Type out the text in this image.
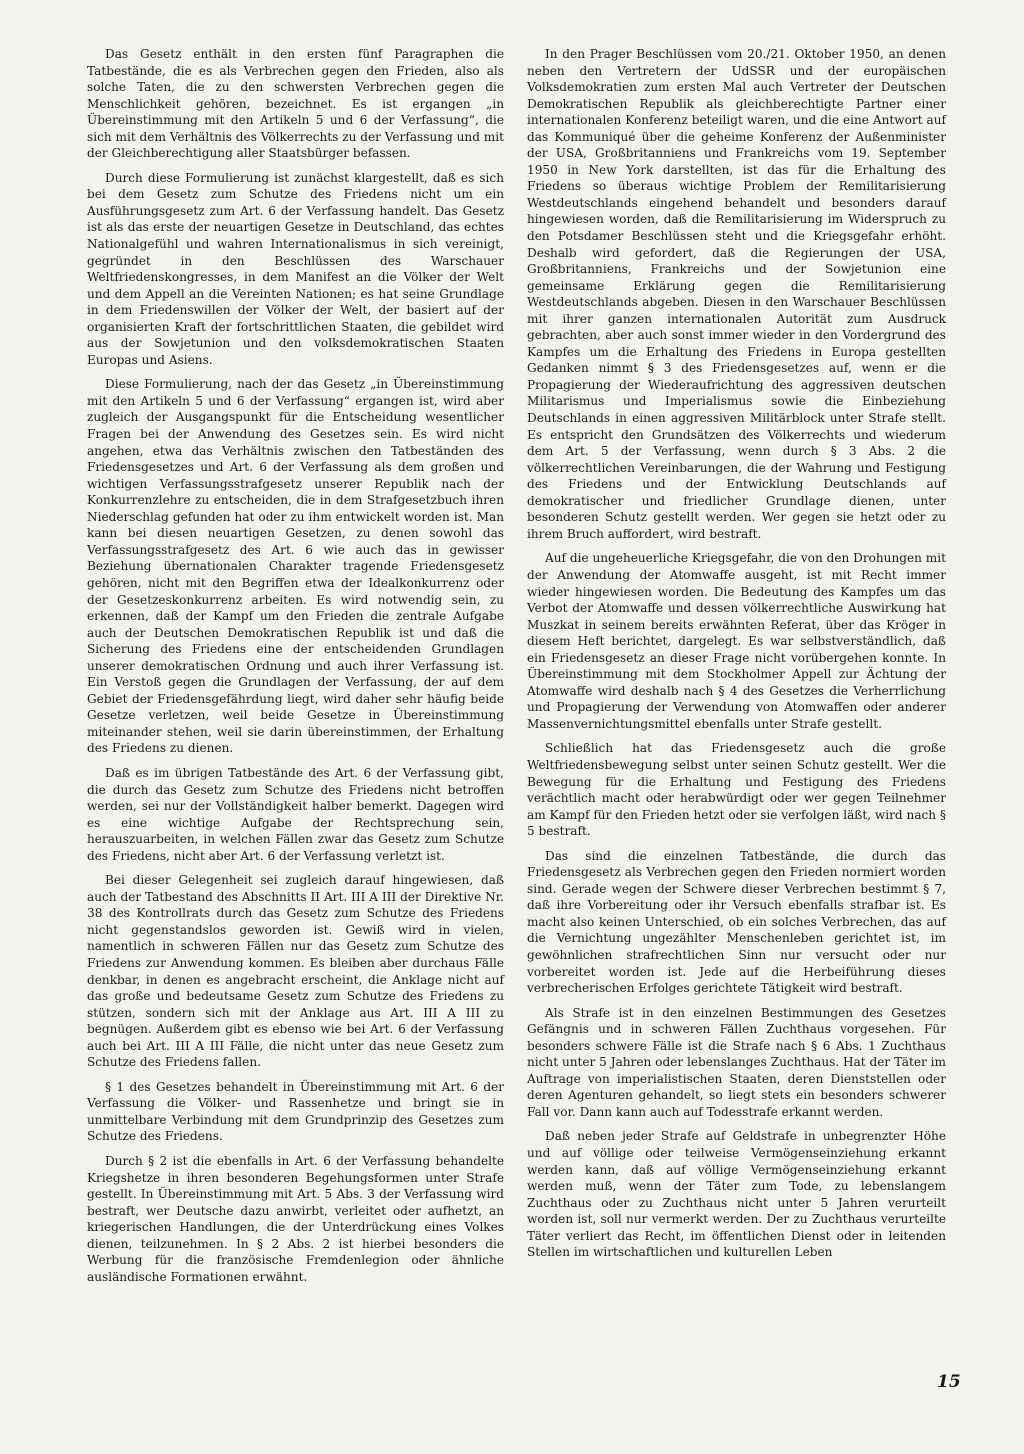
Das Gesetz enthält in den ersten fünf Paragraphen die Tatbestände, die es als Verbrechen gegen den Frieden, also als solche Taten, die zu den schwersten Verbrechen gegen die Menschlichkeit gehören, bezeichnet. Es ist ergangen „in Übereinstimmung mit den Artikeln 5 und 6 der Verfassung“, die sich mit dem Verhältnis des Völkerrechts zu der Verfassung und mit der Gleichberechtigung aller Staatsbürger befassen.

Durch diese Formulierung ist zunächst klargestellt, daß es sich bei dem Gesetz zum Schutze des Friedens nicht um ein Ausführungsgesetz zum Art. 6 der Verfassung handelt. Das Gesetz ist als das erste der neuartigen Gesetze in Deutschland, das echtes Nationalgefühl und wahren Internationalismus in sich vereinigt, gegründet in den Beschlüssen des Warschauer Weltfriedenskongresses, in dem Manifest an die Völker der Welt und dem Appell an die Vereinten Nationen; es hat seine Grundlage in dem Friedenswillen der Völker der Welt, der basiert auf der organisierten Kraft der fortschrittlichen Staaten, die gebildet wird aus der Sowjetunion und den volksdemokratischen Staaten Europas und Asiens.

Diese Formulierung, nach der das Gesetz „in Übereinstimmung mit den Artikeln 5 und 6 der Verfassung“ ergangen ist, wird aber zugleich der Ausgangspunkt für die Entscheidung wesentlicher Fragen bei der Anwendung des Gesetzes sein. Es wird nicht angehen, etwa das Verhältnis zwischen den Tatbeständen des Friedensgesetzes und Art. 6 der Verfassung als dem großen und wichtigen Verfassungsstrafgesetz unserer Republik nach der Konkurrenzlehre zu entscheiden, die in dem Strafgesetzbuch ihren Niederschlag gefunden hat oder zu ihm entwickelt worden ist. Man kann bei diesen neuartigen Gesetzen, zu denen sowohl das Verfassungsstrafgesetz des Art. 6 wie auch das in gewisser Beziehung übernationalen Charakter tragende Friedensgesetz gehören, nicht mit den Begriffen etwa der Idealkonkurrenz oder der Gesetzeskonkurrenz arbeiten. Es wird notwendig sein, zu erkennen, daß der Kampf um den Frieden die zentrale Aufgabe auch der Deutschen Demokratischen Republik ist und daß die Sicherung des Friedens eine der entscheidenden Grundlagen unserer demokratischen Ordnung und auch ihrer Verfassung ist. Ein Verstoß gegen die Grundlagen der Verfassung, der auf dem Gebiet der Friedensgefährdung liegt, wird daher sehr häufig beide Gesetze verletzen, weil beide Gesetze in Übereinstimmung miteinander stehen, weil sie darin übereinstimmen, der Erhaltung des Friedens zu dienen.

Daß es im übrigen Tatbestände des Art. 6 der Verfassung gibt, die durch das Gesetz zum Schutze des Friedens nicht betroffen werden, sei nur der Vollständigkeit halber bemerkt. Dagegen wird es eine wichtige Aufgabe der Rechtsprechung sein, herauszuarbeiten, in welchen Fällen zwar das Gesetz zum Schutze des Friedens, nicht aber Art. 6 der Verfassung verletzt ist.

Bei dieser Gelegenheit sei zugleich darauf hingewiesen, daß auch der Tatbestand des Abschnitts II Art. III A III der Direktive Nr. 38 des Kontrollrats durch das Gesetz zum Schutze des Friedens nicht gegenstandslos geworden ist. Gewiß wird in vielen, namentlich in schweren Fällen nur das Gesetz zum Schutze des Friedens zur Anwendung kommen. Es bleiben aber durchaus Fälle denkbar, in denen es angebracht erscheint, die Anklage nicht auf das große und bedeutsame Gesetz zum Schutze des Friedens zu stützen, sondern sich mit der Anklage aus Art. III A III zu begnügen. Außerdem gibt es ebenso wie bei Art. 6 der Verfassung auch bei Art. III A III Fälle, die nicht unter das neue Gesetz zum Schutze des Friedens fallen.

§ 1 des Gesetzes behandelt in Übereinstimmung mit Art. 6 der Verfassung die Völker- und Rassenhetze und bringt sie in unmittelbare Verbindung mit dem Grundprinzip des Gesetzes zum Schutze des Friedens.

Durch § 2 ist die ebenfalls in Art. 6 der Verfassung behandelte Kriegshetze in ihren besonderen Begehungsformen unter Strafe gestellt. In Übereinstimmung mit Art. 5 Abs. 3 der Verfassung wird bestraft, wer Deutsche dazu anwirbt, verleitet oder aufhetzt, an kriegerischen Handlungen, die der Unterdrückung eines Volkes dienen, teilzunehmen. In § 2 Abs. 2 ist hierbei besonders die Werbung für die französische Fremdenlegion oder ähnliche ausländische Formationen erwähnt.

In den Prager Beschlüssen vom 20./21. Oktober 1950, an denen neben den Vertretern der UdSSR und der europäischen Volksdemokratien zum ersten Mal auch Vertreter der Deutschen Demokratischen Republik als gleichberechtigte Partner einer internationalen Konferenz beteiligt waren, und die eine Antwort auf das Kommuniqué über die geheime Konferenz der Außenminister der USA, Großbritanniens und Frankreichs vom 19. September 1950 in New York darstellten, ist das für die Erhaltung des Friedens so überaus wichtige Problem der Remilitarisierung Westdeutschlands eingehend behandelt und besonders darauf hingewiesen worden, daß die Remilitarisierung im Widerspruch zu den Potsdamer Beschlüssen steht und die Kriegsgefahr erhöht. Deshalb wird gefordert, daß die Regierungen der USA, Großbritanniens, Frankreichs und der Sowjetunion eine gemeinsame Erklärung gegen die Remilitarisierung Westdeutschlands abgeben. Diesen in den Warschauer Beschlüssen mit ihrer ganzen internationalen Autorität zum Ausdruck gebrachten, aber auch sonst immer wieder in den Vordergrund des Kampfes um die Erhaltung des Friedens in Europa gestellten Gedanken nimmt § 3 des Friedensgesetzes auf, wenn er die Propagierung der Wiederaufrichtung des aggressiven deutschen Militarismus und Imperialismus sowie die Einbeziehung Deutschlands in einen aggressiven Militärblock unter Strafe stellt. Es entspricht den Grundsätzen des Völkerrechts und wiederum dem Art. 5 der Verfassung, wenn durch § 3 Abs. 2 die völkerrechtlichen Vereinbarungen, die der Wahrung und Festigung des Friedens und der Entwicklung Deutschlands auf demokratischer und friedlicher Grundlage dienen, unter besonderen Schutz gestellt werden. Wer gegen sie hetzt oder zu ihrem Bruch auffordert, wird bestraft.

Auf die ungeheuerliche Kriegsgefahr, die von den Drohungen mit der Anwendung der Atomwaffe ausgeht, ist mit Recht immer wieder hingewiesen worden. Die Bedeutung des Kampfes um das Verbot der Atomwaffe und dessen völkerrechtliche Auswirkung hat Muszkat in seinem bereits erwähnten Referat, über das Kröger in diesem Heft berichtet, dargelegt. Es war selbstverständlich, daß ein Friedensgesetz an dieser Frage nicht vorübergehen konnte. In Übereinstimmung mit dem Stockholmer Appell zur Ächtung der Atomwaffe wird deshalb nach § 4 des Gesetzes die Verherrlichung und Propagierung der Verwendung von Atomwaffen oder anderer Massenvernichtungsmittel ebenfalls unter Strafe gestellt.

Schließlich hat das Friedensgesetz auch die große Weltfriedensbewegung selbst unter seinen Schutz gestellt. Wer die Bewegung für die Erhaltung und Festigung des Friedens verächtlich macht oder herabwürdigt oder wer gegen Teilnehmer am Kampf für den Frieden hetzt oder sie verfolgen läßt, wird nach § 5 bestraft.

Das sind die einzelnen Tatbestände, die durch das Friedensgesetz als Verbrechen gegen den Frieden normiert worden sind. Gerade wegen der Schwere dieser Verbrechen bestimmt § 7, daß ihre Vorbereitung oder ihr Versuch ebenfalls strafbar ist. Es macht also keinen Unterschied, ob ein solches Verbrechen, das auf die Vernichtung ungezählter Menschenleben gerichtet ist, im gewöhnlichen strafrechtlichen Sinn nur versucht oder nur vorbereitet worden ist. Jede auf die Herbeiführung dieses verbrecherischen Erfolges gerichtete Tätigkeit wird bestraft.

Als Strafe ist in den einzelnen Bestimmungen des Gesetzes Gefängnis und in schweren Fällen Zuchthaus vorgesehen. Für besonders schwere Fälle ist die Strafe nach § 6 Abs. 1 Zuchthaus nicht unter 5 Jahren oder lebenslanges Zuchthaus. Hat der Täter im Auftrage von imperialistischen Staaten, deren Dienststellen oder deren Agenturen gehandelt, so liegt stets ein besonders schwerer Fall vor. Dann kann auch auf Todesstrafe erkannt werden.

Daß neben jeder Strafe auf Geldstrafe in unbegrenzter Höhe und auf völlige oder teilweise Vermögenseinziehung erkannt werden kann, daß auf völlige Vermögenseinziehung erkannt werden muß, wenn der Täter zum Tode, zu lebenslangem Zuchthaus oder zu Zuchthaus nicht unter 5 Jahren verurteilt worden ist, soll nur vermerkt werden. Der zu Zuchthaus verurteilte Täter verliert das Recht, im öffentlichen Dienst oder in leitenden Stellen im wirtschaftlichen und kulturellen Leben

15
